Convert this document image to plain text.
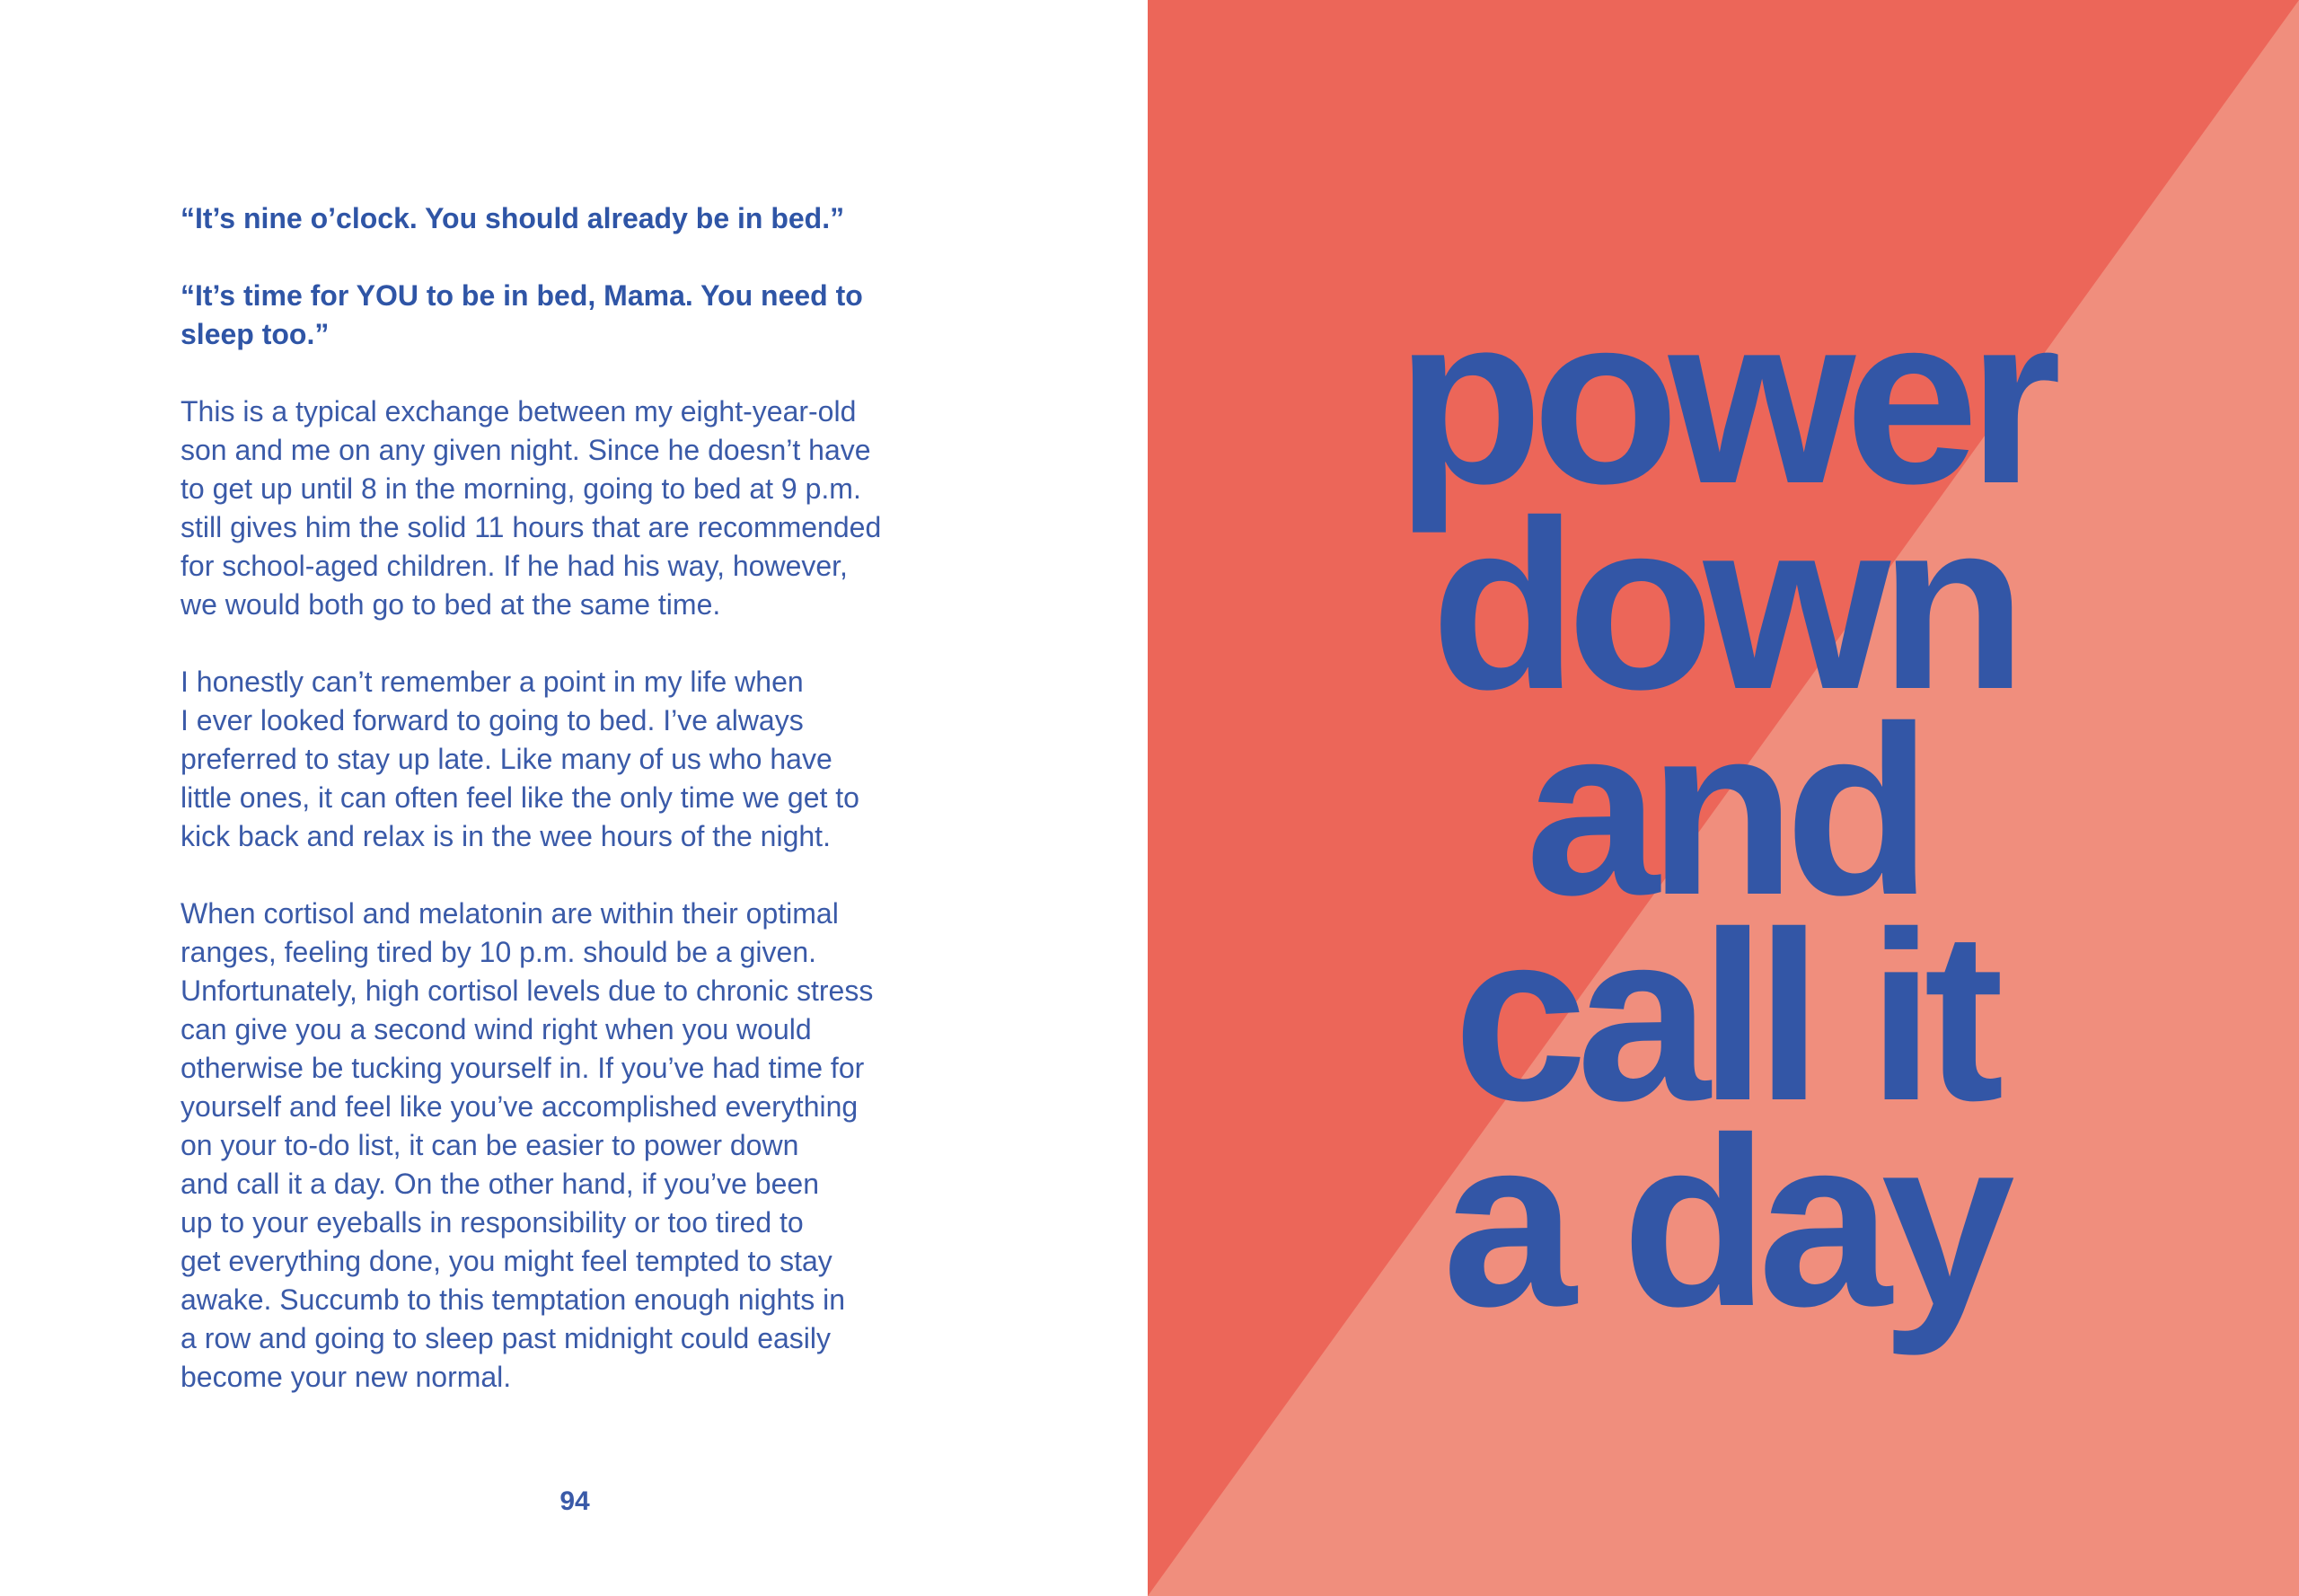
“It’s nine o’clock. You should already be in bed.”

“It’s time for YOU to be in bed, Mama. You need to
sleep too.”

This is a typical exchange between my eight-year-old
son and me on any given night. Since he doesn’t have
to get up until 8 in the morning, going to bed at 9 p.m.
still gives him the solid 11 hours that are recommended
for school-aged children. If he had his way, however,
we would both go to bed at the same time.

I honestly can’t remember a point in my life when
I ever looked forward to going to bed. I’ve always
preferred to stay up late. Like many of us who have
little ones, it can often feel like the only time we get to
kick back and relax is in the wee hours of the night.

When cortisol and melatonin are within their optimal
ranges, feeling tired by 10 p.m. should be a given.
Unfortunately, high cortisol levels due to chronic stress
can give you a second wind right when you would
otherwise be tucking yourself in. If you’ve had time for
yourself and feel like you’ve accomplished everything
on your to-do list, it can be easier to power down
and call it a day. On the other hand, if you’ve been
up to your eyeballs in responsibility or too tired to
get everything done, you might feel tempted to stay
awake. Succumb to this temptation enough nights in
a row and going to sleep past midnight could easily
become your new normal.

94
power
down
and
call it
a day
